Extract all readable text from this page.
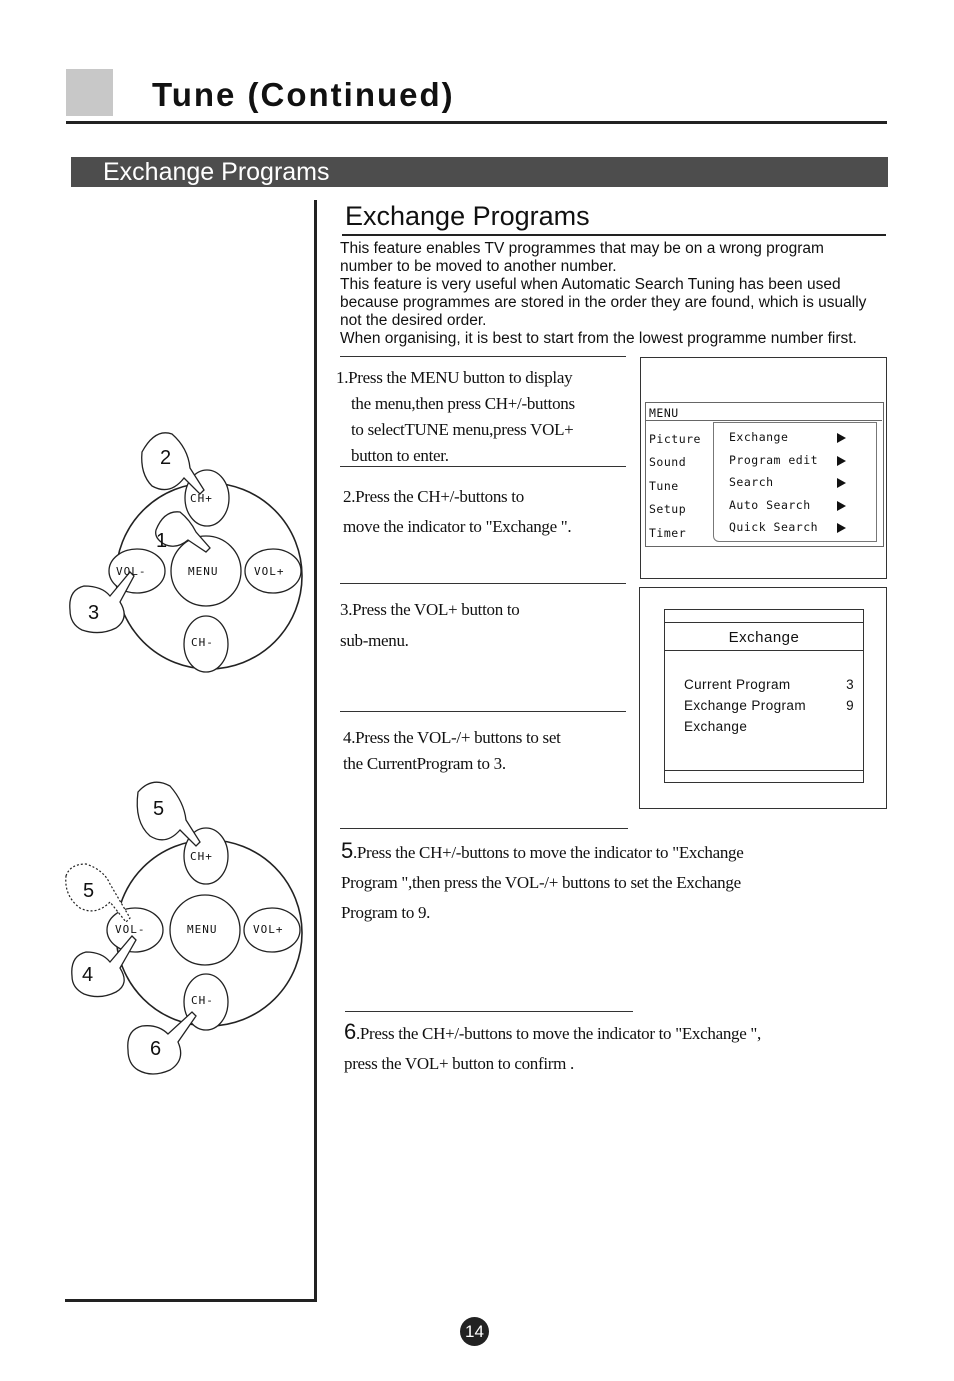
Tune (Continued)
Exchange Programs
Exchange Programs
This feature enables TV programmes that may be on a wrong program
number to be moved to another number.
This feature is very useful when Automatic Search Tuning has been used
because programmes are stored in the order they are found, which is usually
not the desired order.
When organising, it is best to start from the lowest programme number first.
1.Press the MENU button to display
the menu,then press CH+/-buttons
to selectTUNE menu,press VOL+
button to enter.
2.Press the CH+/-buttons to
move the indicator to "Exchange ".
3.Press the VOL+ button to
sub-menu.
4.Press the VOL-/+ buttons to set
the CurrentProgram to 3.
5.Press the CH+/-buttons to move the indicator to "Exchange
Program ",then press the VOL-/+ buttons to set the Exchange
Program to 9.
6.Press the CH+/-buttons to move the indicator to "Exchange ",
press the VOL+ button to confirm .
MENU
Picture
Sound
Tune
Setup
Timer
Exchange
Program edit
Search
Auto Search
Quick Search
Exchange
Current Program	3
Exchange Program	9
Exchange
CH+
MENU
VOL-	VOL+
CH-
2
1
3
CH+
MENU
VOL-	VOL+
CH-
5
5
4
6
14
